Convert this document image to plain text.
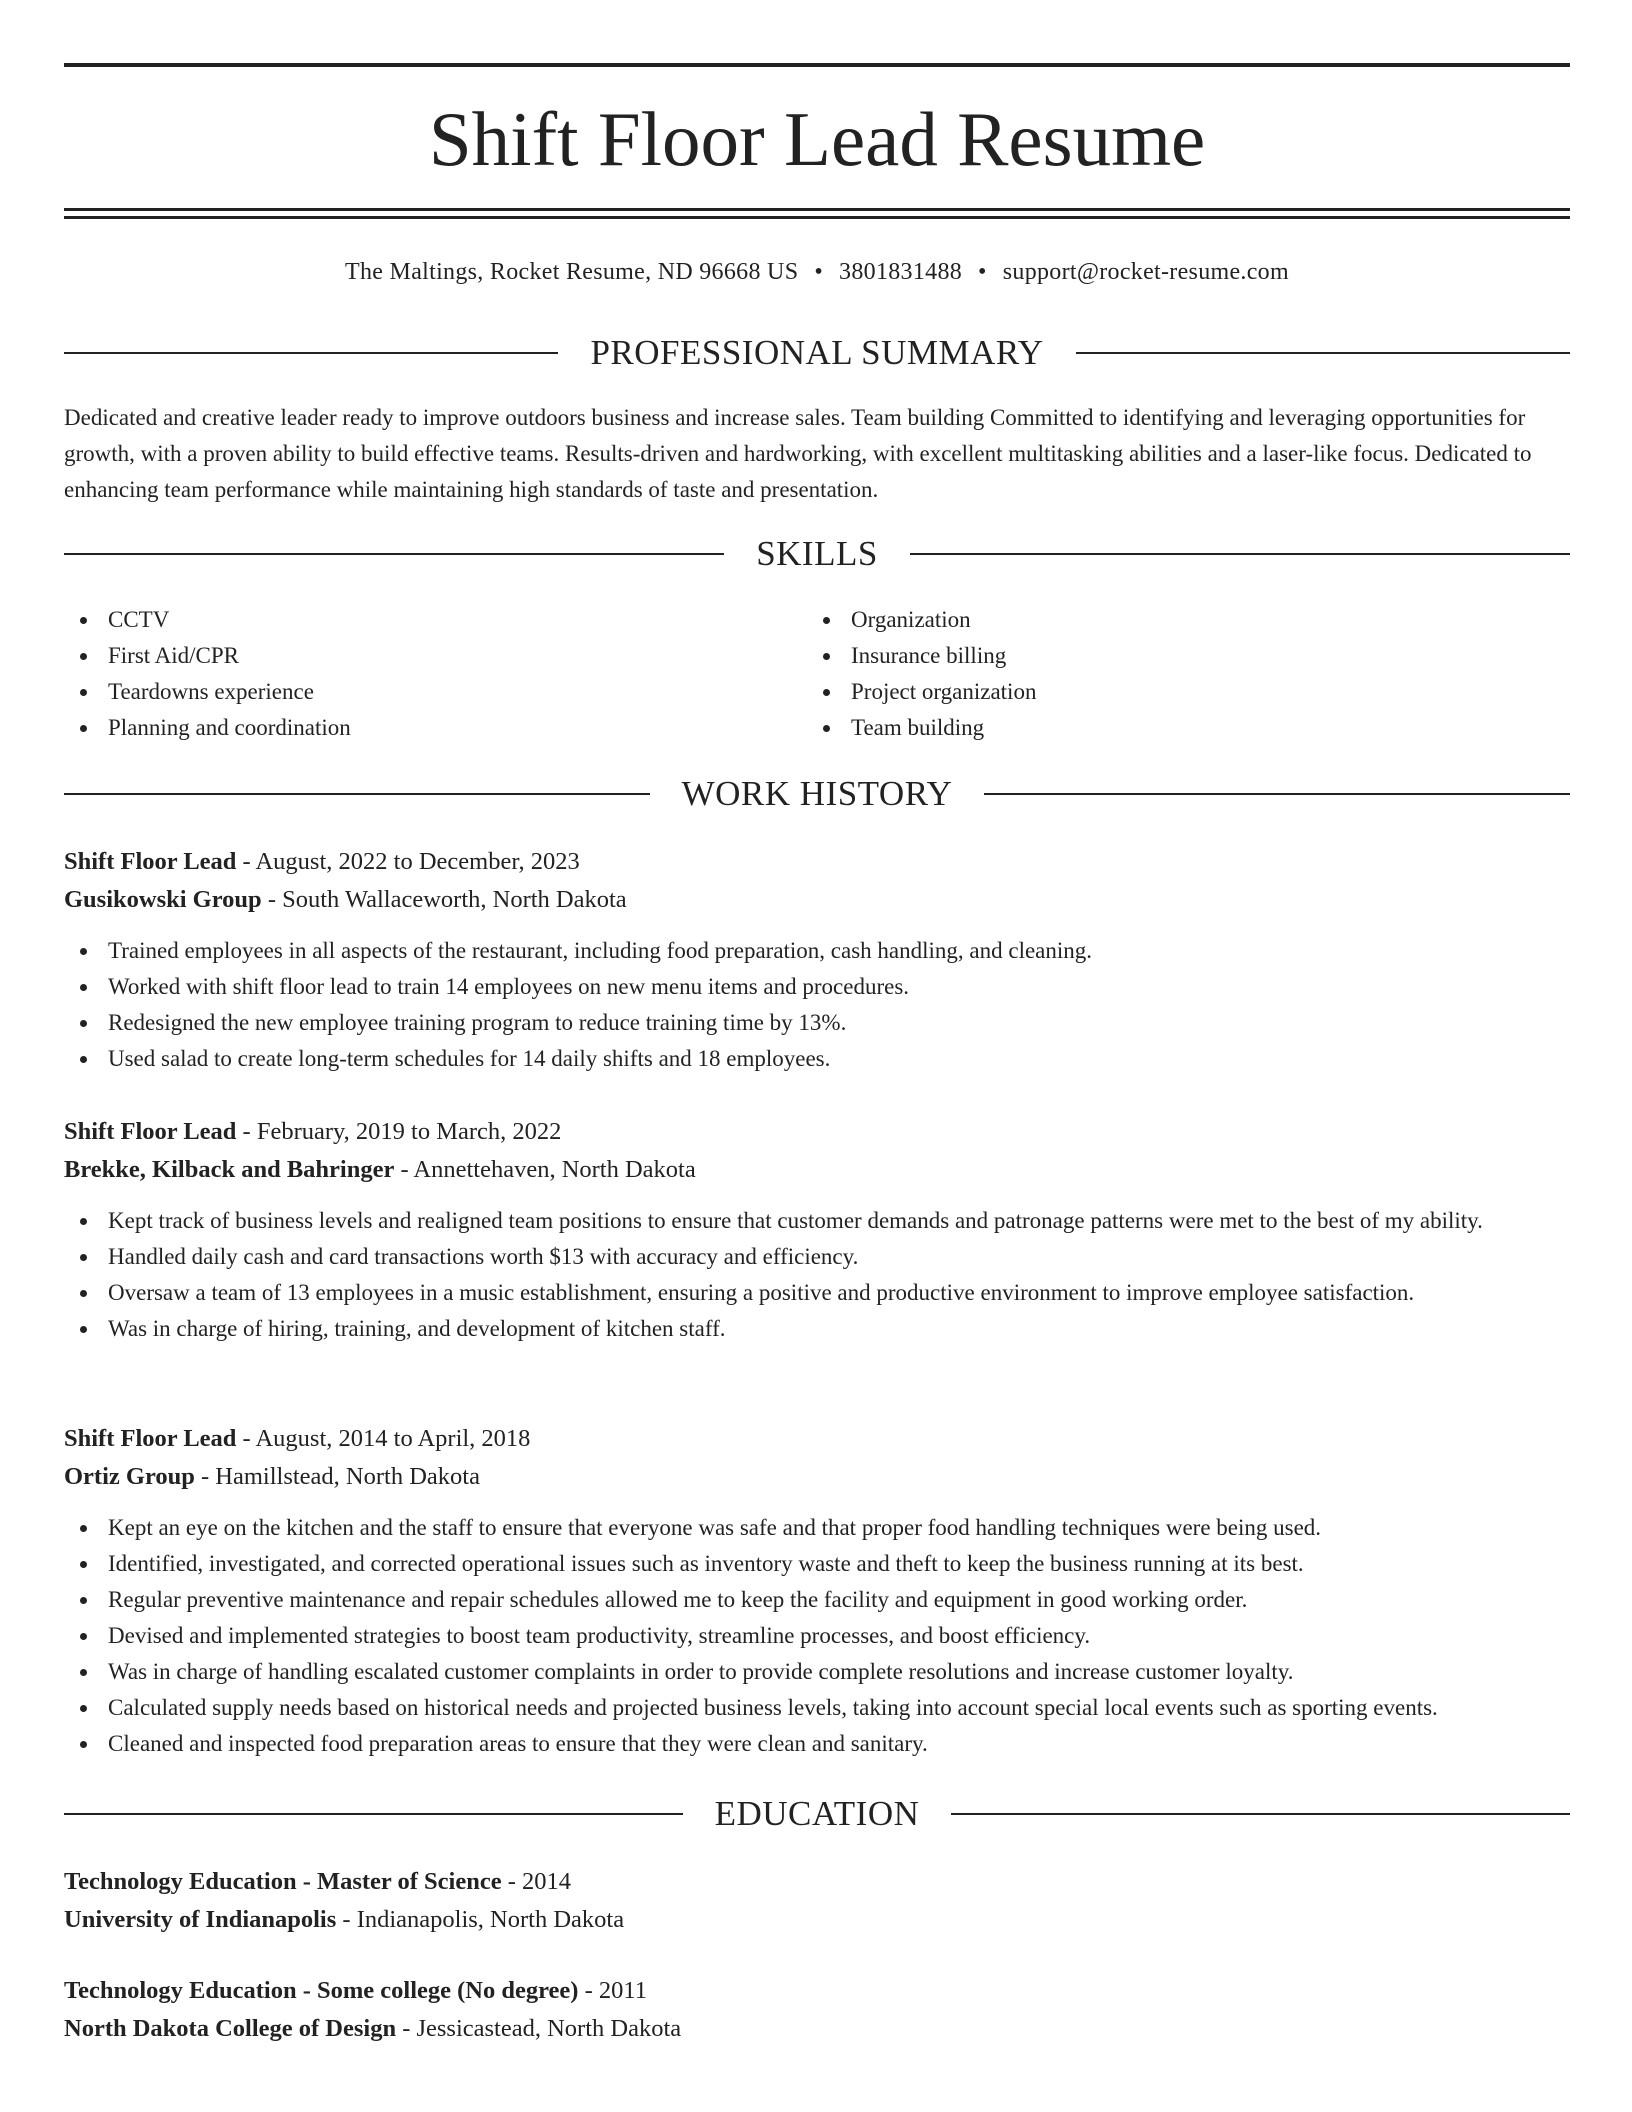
Shift Floor Lead Resume
The Maltings, Rocket Resume, ND 96668 US • 3801831488 • support@rocket-resume.com
PROFESSIONAL SUMMARY

Dedicated and creative leader ready to improve outdoors business and increase sales. Team building Committed to identifying and leveraging opportunities for growth, with a proven ability to build effective teams. Results-driven and hardworking, with excellent multitasking abilities and a laser-like focus. Dedicated to enhancing team performance while maintaining high standards of taste and presentation.

SKILLS
CCTV
First Aid/CPR
Teardowns experience
Planning and coordination
Organization
Insurance billing
Project organization
Team building
WORK HISTORY
Shift Floor Lead - August, 2022 to December, 2023
Gusikowski Group - South Wallaceworth, North Dakota
Trained employees in all aspects of the restaurant, including food preparation, cash handling, and cleaning.
Worked with shift floor lead to train 14 employees on new menu items and procedures.
Redesigned the new employee training program to reduce training time by 13%.
Used salad to create long-term schedules for 14 daily shifts and 18 employees.
Shift Floor Lead - February, 2019 to March, 2022
Brekke, Kilback and Bahringer - Annettehaven, North Dakota
Kept track of business levels and realigned team positions to ensure that customer demands and patronage patterns were met to the best of my ability.
Handled daily cash and card transactions worth $13 with accuracy and efficiency.
Oversaw a team of 13 employees in a music establishment, ensuring a positive and productive environment to improve employee satisfaction.
Was in charge of hiring, training, and development of kitchen staff.
Shift Floor Lead - August, 2014 to April, 2018
Ortiz Group - Hamillstead, North Dakota
Kept an eye on the kitchen and the staff to ensure that everyone was safe and that proper food handling techniques were being used.
Identified, investigated, and corrected operational issues such as inventory waste and theft to keep the business running at its best.
Regular preventive maintenance and repair schedules allowed me to keep the facility and equipment in good working order.
Devised and implemented strategies to boost team productivity, streamline processes, and boost efficiency.
Was in charge of handling escalated customer complaints in order to provide complete resolutions and increase customer loyalty.
Calculated supply needs based on historical needs and projected business levels, taking into account special local events such as sporting events.
Cleaned and inspected food preparation areas to ensure that they were clean and sanitary.
EDUCATION
Technology Education - Master of Science - 2014
University of Indianapolis - Indianapolis, North Dakota
Technology Education - Some college (No degree) - 2011
North Dakota College of Design - Jessicastead, North Dakota
